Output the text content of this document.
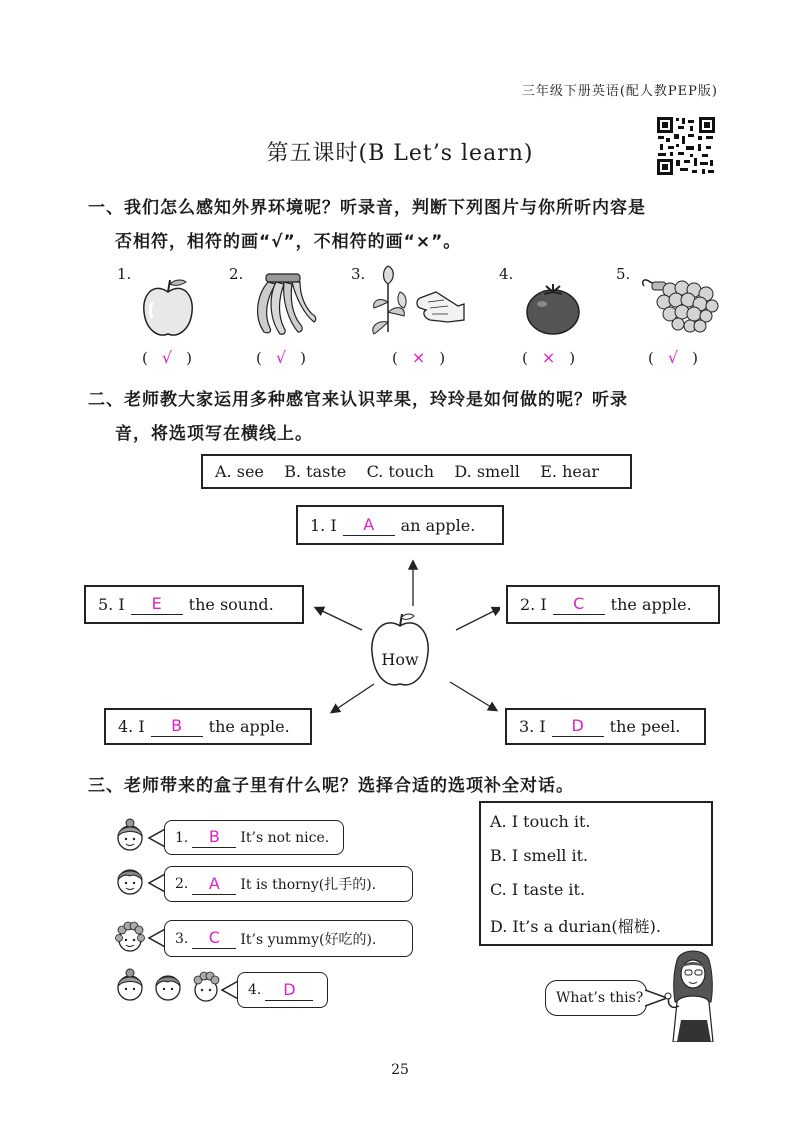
三年级下册英语(配人教PEP版)
第五课时(B Let’s learn)
一、我们怎么感知外界环境呢？听录音，判断下列图片与你所听内容是
否相符，相符的画“√”，不相符的画“×”。
1.	2.	3.	4.	5.
( √ )	( √ )	( × )	( × )	( √ )
二、老师教大家运用多种感官来认识苹果，玲玲是如何做的呢？听录
音，将选项写在横线上。
A. see    B. taste    C. touch    D. smell    E. hear
1. I	A	an apple.
5. I	E	the sound.	2. I	C	the apple.
4. I	B	the apple.	3. I	D	the peel.
How
三、老师带来的盒子里有什么呢？选择合适的选项补全对话。
1.	B	It’s not nice.
2.	A	It is thorny(扎手的).
3.	C	It’s yummy(好吃的).
4.	D
A. I touch it.
B. I smell it.
C. I taste it.
D. It’s a durian(榴梿).
What’s this?
25
